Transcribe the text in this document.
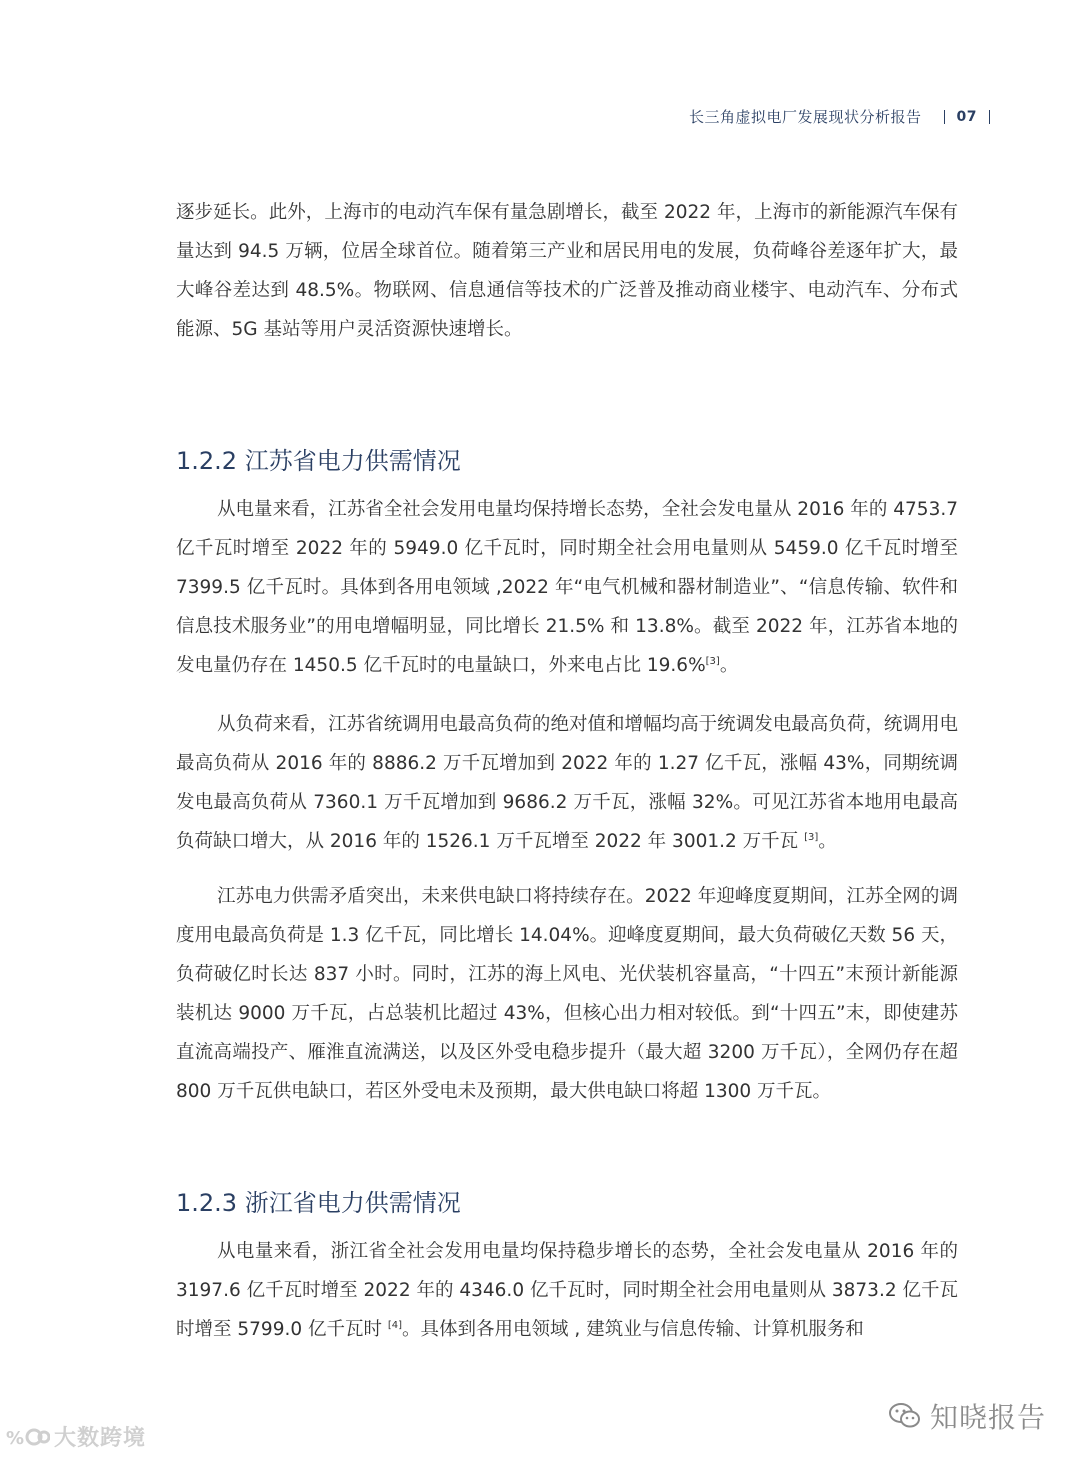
长三角虚拟电厂发展现状分析报告	07

逐步延长。此外，上海市的电动汽车保有量急剧增长，截至 2022 年，上海市的新能源汽车保有量达到 94.5 万辆，位居全球首位。随着第三产业和居民用电的发展，负荷峰谷差逐年扩大，最大峰谷差达到 48.5%。物联网、信息通信等技术的广泛普及推动商业楼宇、电动汽车、分布式能源、5G 基站等用户灵活资源快速增长。

1.2.2 江苏省电力供需情况

从电量来看，江苏省全社会发用电量均保持增长态势，全社会发电量从 2016 年的 4753.7 亿千瓦时增至 2022 年的 5949.0 亿千瓦时，同时期全社会用电量则从 5459.0 亿千瓦时增至 7399.5 亿千瓦时。具体到各用电领域 ,2022 年“电气机械和器材制造业”、“信息传输、软件和信息技术服务业”的用电增幅明显，同比增长 21.5% 和 13.8%。截至 2022 年，江苏省本地的发电量仍存在 1450.5 亿千瓦时的电量缺口，外来电占比 19.6%[3]。

从负荷来看，江苏省统调用电最高负荷的绝对值和增幅均高于统调发电最高负荷，统调用电最高负荷从 2016 年的 8886.2 万千瓦增加到 2022 年的 1.27 亿千瓦，涨幅 43%，同期统调发电最高负荷从 7360.1 万千瓦增加到 9686.2 万千瓦，涨幅 32%。可见江苏省本地用电最高负荷缺口增大，从 2016 年的 1526.1 万千瓦增至 2022 年 3001.2 万千瓦 [3]。

江苏电力供需矛盾突出，未来供电缺口将持续存在。2022 年迎峰度夏期间，江苏全网的调度用电最高负荷是 1.3 亿千瓦，同比增长 14.04%。迎峰度夏期间，最大负荷破亿天数 56 天，负荷破亿时长达 837 小时。同时，江苏的海上风电、光伏装机容量高，“十四五”末预计新能源装机达 9000 万千瓦，占总装机比超过 43%，但核心出力相对较低。到“十四五”末，即使建苏直流高端投产、雁淮直流满送，以及区外受电稳步提升（最大超 3200 万千瓦），全网仍存在超 800 万千瓦供电缺口，若区外受电未及预期，最大供电缺口将超 1300 万千瓦。

1.2.3 浙江省电力供需情况

从电量来看，浙江省全社会发用电量均保持稳步增长的态势，全社会发电量从 2016 年的 3197.6 亿千瓦时增至 2022 年的 4346.0 亿千瓦时，同时期全社会用电量则从 3873.2 亿千瓦时增至 5799.0 亿千瓦时 [4]。具体到各用电领域 , 建筑业与信息传输、计算机服务和

% 大数跨境
知晓报告
